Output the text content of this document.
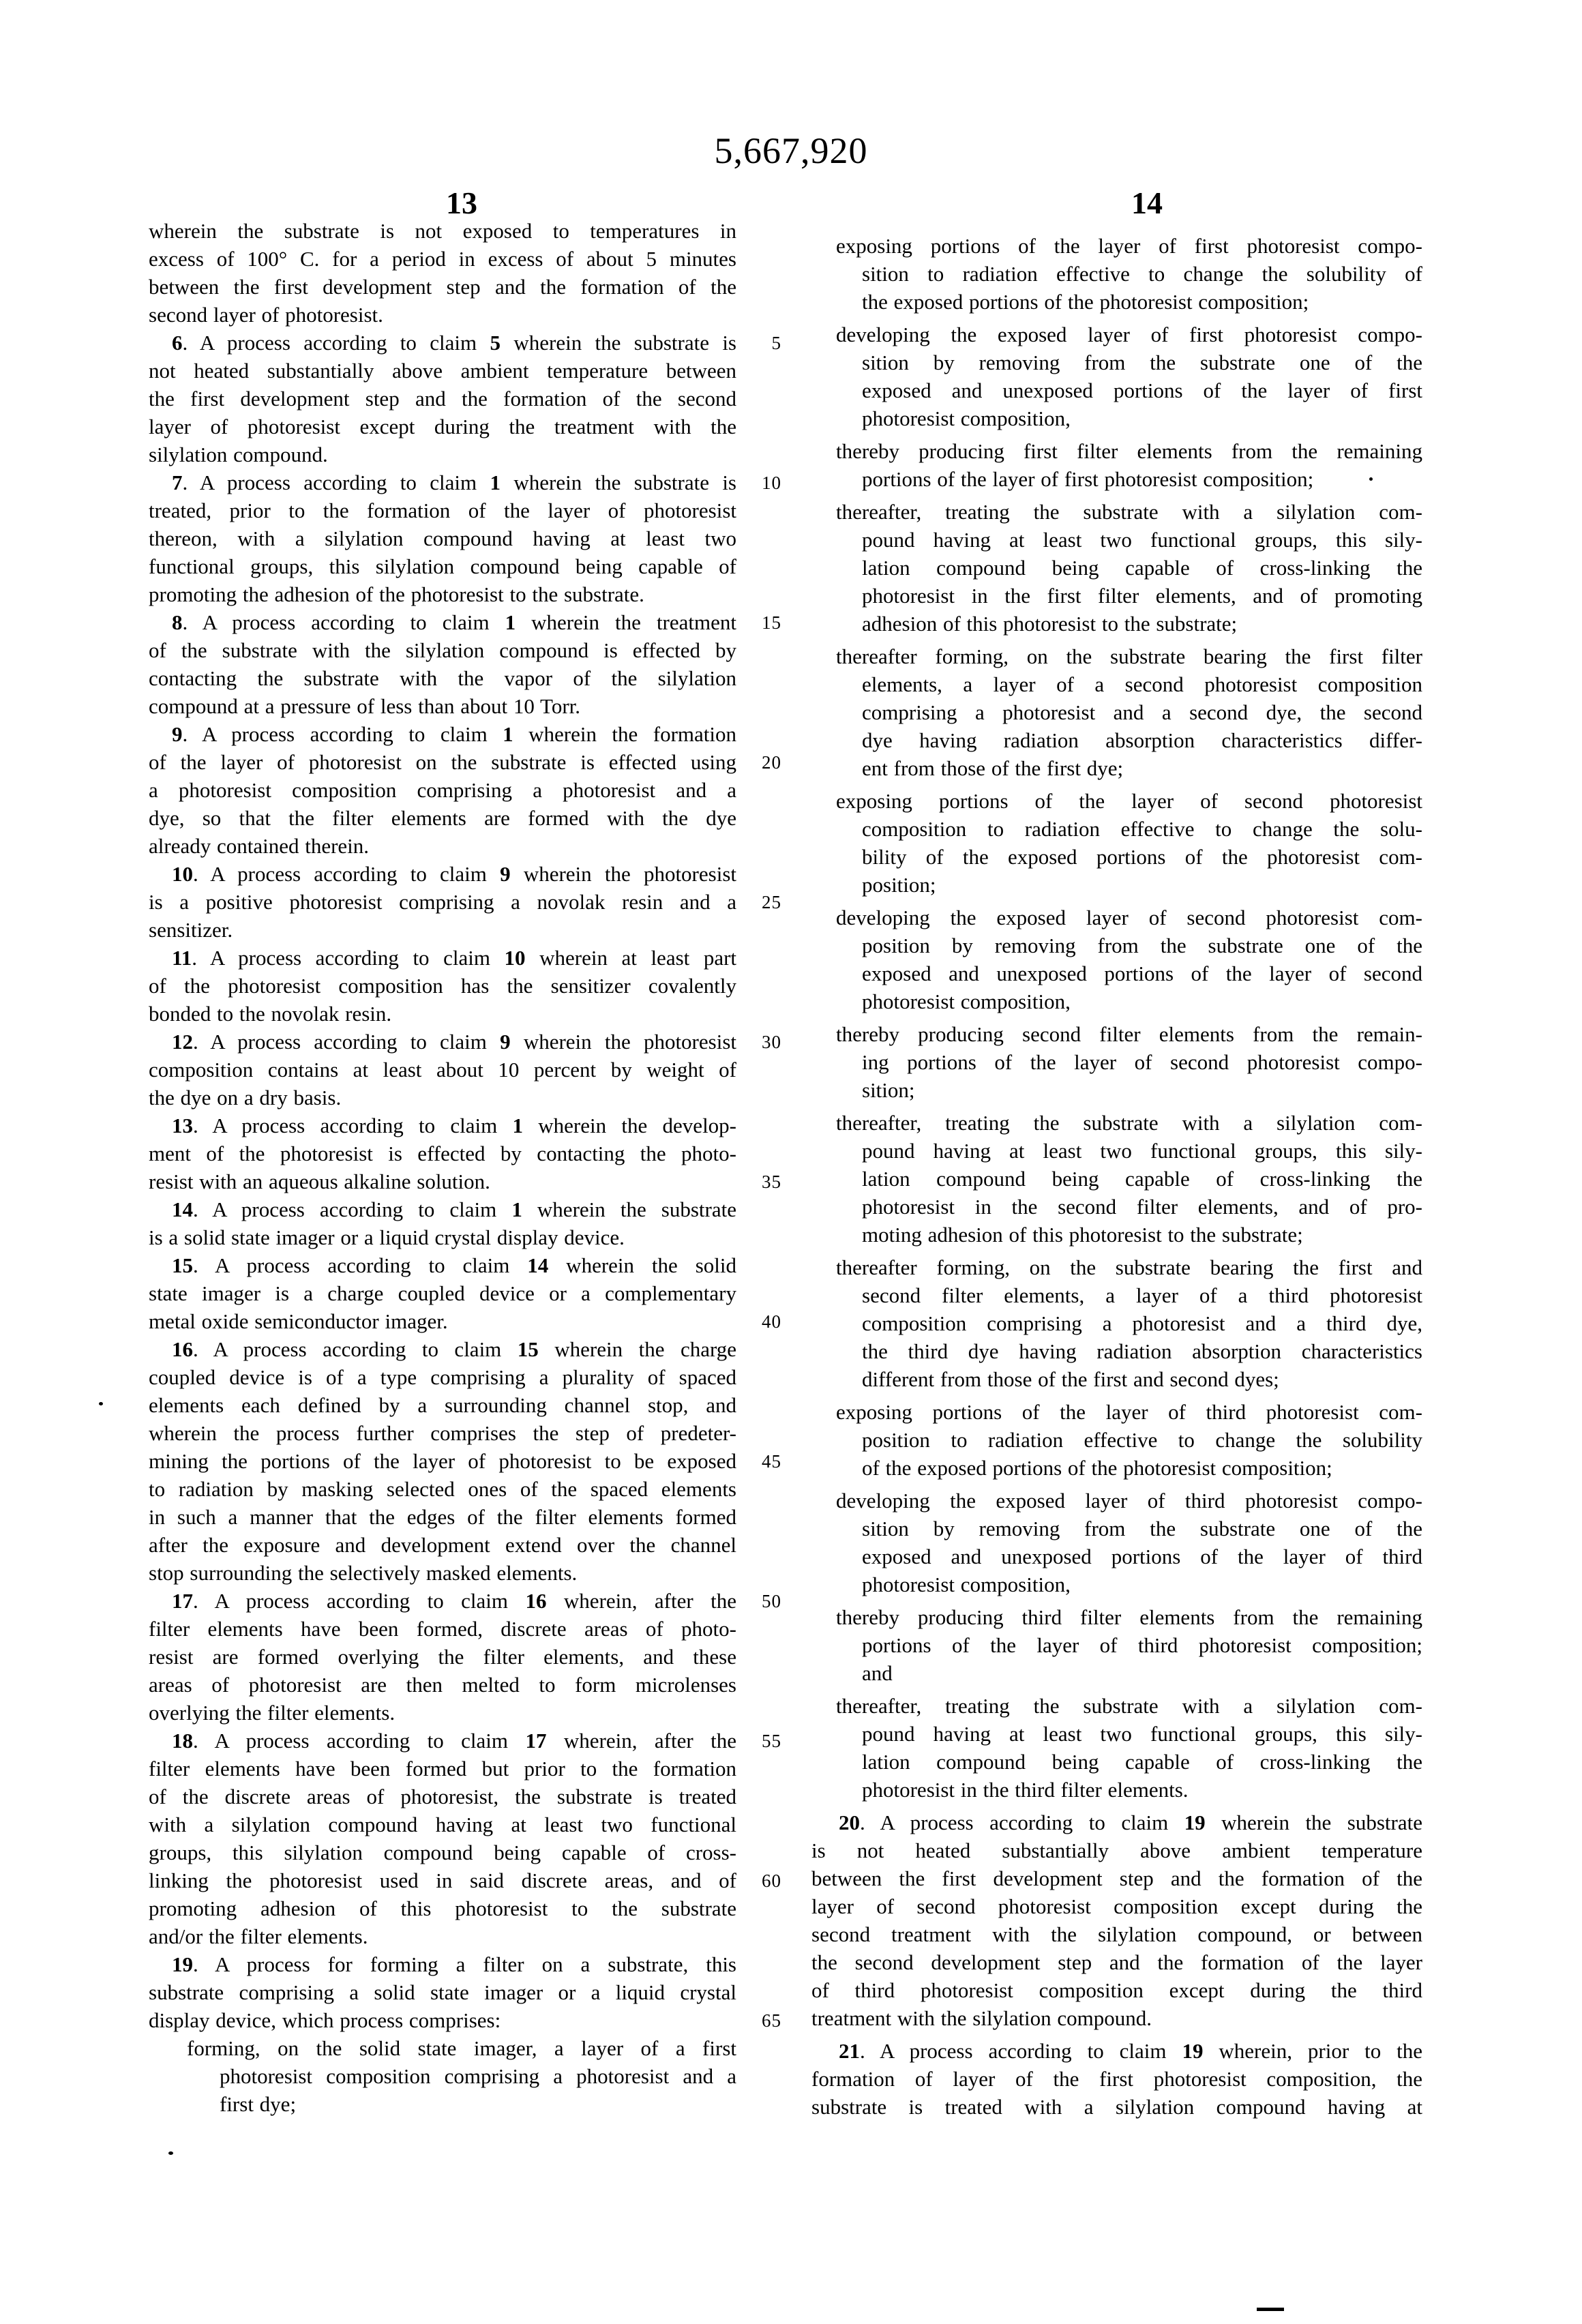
5,667,920
13	14
wherein the substrate is not exposed to temperatures in
excess of 100° C. for a period in excess of about 5 minutes
between the first development step and the formation of the
second layer of photoresist.
6. A process according to claim 5 wherein the substrate is
not heated substantially above ambient temperature between
the first development step and the formation of the second
layer of photoresist except during the treatment with the
silylation compound.
7. A process according to claim 1 wherein the substrate is
treated, prior to the formation of the layer of photoresist
thereon, with a silylation compound having at least two
functional groups, this silylation compound being capable of
promoting the adhesion of the photoresist to the substrate.
8. A process according to claim 1 wherein the treatment
of the substrate with the silylation compound is effected by
contacting the substrate with the vapor of the silylation
compound at a pressure of less than about 10 Torr.
9. A process according to claim 1 wherein the formation
of the layer of photoresist on the substrate is effected using
a photoresist composition comprising a photoresist and a
dye, so that the filter elements are formed with the dye
already contained therein.
10. A process according to claim 9 wherein the photoresist
is a positive photoresist comprising a novolak resin and a
sensitizer.
11. A process according to claim 10 wherein at least part
of the photoresist composition has the sensitizer covalently
bonded to the novolak resin.
12. A process according to claim 9 wherein the photoresist
composition contains at least about 10 percent by weight of
the dye on a dry basis.
13. A process according to claim 1 wherein the develop-
ment of the photoresist is effected by contacting the photo-
resist with an aqueous alkaline solution.
14. A process according to claim 1 wherein the substrate
is a solid state imager or a liquid crystal display device.
15. A process according to claim 14 wherein the solid
state imager is a charge coupled device or a complementary
metal oxide semiconductor imager.
16. A process according to claim 15 wherein the charge
coupled device is of a type comprising a plurality of spaced
elements each defined by a surrounding channel stop, and
wherein the process further comprises the step of predeter-
mining the portions of the layer of photoresist to be exposed
to radiation by masking selected ones of the spaced elements
in such a manner that the edges of the filter elements formed
after the exposure and development extend over the channel
stop surrounding the selectively masked elements.
17. A process according to claim 16 wherein, after the
filter elements have been formed, discrete areas of photo-
resist are formed overlying the filter elements, and these
areas of photoresist are then melted to form microlenses
overlying the filter elements.
18. A process according to claim 17 wherein, after the
filter elements have been formed but prior to the formation
of the discrete areas of photoresist, the substrate is treated
with a silylation compound having at least two functional
groups, this silylation compound being capable of cross-
linking the photoresist used in said discrete areas, and of
promoting adhesion of this photoresist to the substrate
and/or the filter elements.
19. A process for forming a filter on a substrate, this
substrate comprising a solid state imager or a liquid crystal
display device, which process comprises:
forming, on the solid state imager, a layer of a first
photoresist composition comprising a photoresist and a
first dye;
5
10
15
20
25
30
35
40
45
50
55
60
65
exposing portions of the layer of first photoresist compo-
sition to radiation effective to change the solubility of
the exposed portions of the photoresist composition;
developing the exposed layer of first photoresist compo-
sition by removing from the substrate one of the
exposed and unexposed portions of the layer of first
photoresist composition,
thereby producing first filter elements from the remaining
portions of the layer of first photoresist composition;
thereafter, treating the substrate with a silylation com-
pound having at least two functional groups, this sily-
lation compound being capable of cross-linking the
photoresist in the first filter elements, and of promoting
adhesion of this photoresist to the substrate;
thereafter forming, on the substrate bearing the first filter
elements, a layer of a second photoresist composition
comprising a photoresist and a second dye, the second
dye having radiation absorption characteristics differ-
ent from those of the first dye;
exposing portions of the layer of second photoresist
composition to radiation effective to change the solu-
bility of the exposed portions of the photoresist com-
position;
developing the exposed layer of second photoresist com-
position by removing from the substrate one of the
exposed and unexposed portions of the layer of second
photoresist composition,
thereby producing second filter elements from the remain-
ing portions of the layer of second photoresist compo-
sition;
thereafter, treating the substrate with a silylation com-
pound having at least two functional groups, this sily-
lation compound being capable of cross-linking the
photoresist in the second filter elements, and of pro-
moting adhesion of this photoresist to the substrate;
thereafter forming, on the substrate bearing the first and
second filter elements, a layer of a third photoresist
composition comprising a photoresist and a third dye,
the third dye having radiation absorption characteristics
different from those of the first and second dyes;
exposing portions of the layer of third photoresist com-
position to radiation effective to change the solubility
of the exposed portions of the photoresist composition;
developing the exposed layer of third photoresist compo-
sition by removing from the substrate one of the
exposed and unexposed portions of the layer of third
photoresist composition,
thereby producing third filter elements from the remaining
portions of the layer of third photoresist composition;
and
thereafter, treating the substrate with a silylation com-
pound having at least two functional groups, this sily-
lation compound being capable of cross-linking the
photoresist in the third filter elements.
20. A process according to claim 19 wherein the substrate
is not heated substantially above ambient temperature
between the first development step and the formation of the
layer of second photoresist composition except during the
second treatment with the silylation compound, or between
the second development step and the formation of the layer
of third photoresist composition except during the third
treatment with the silylation compound.
21. A process according to claim 19 wherein, prior to the
formation of layer of the first photoresist composition, the
substrate is treated with a silylation compound having at
